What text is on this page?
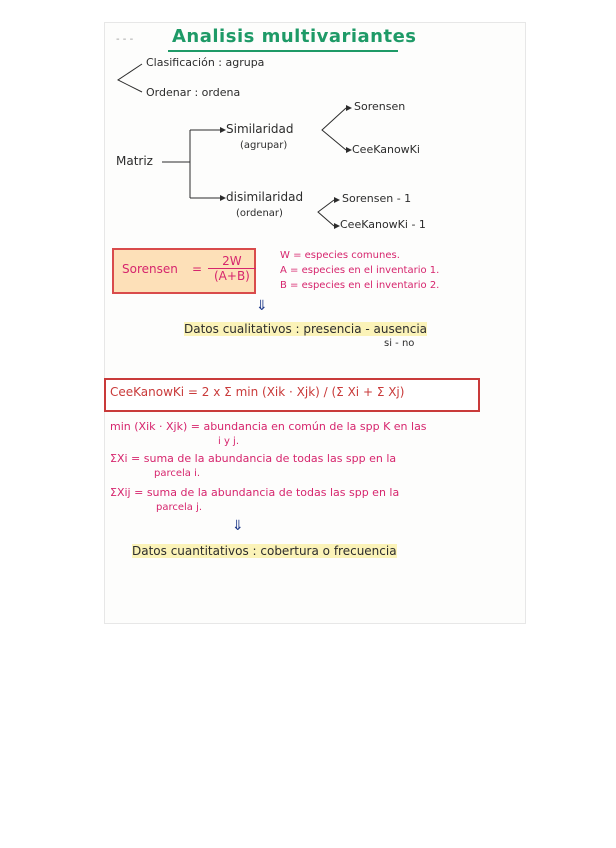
- - - Analisis multivariantes
Clasificación : agrupa
Ordenar : ordena
Matriz
Similaridad
(agrupar)
Sorensen
CeeKanowKi
disimilaridad
(ordenar)
Sorensen - 1
CeeKanowKi - 1
Sorensen = $\frac{2W}{(A+B)}$ W = especies comunes.
A = especies en el inventario 1.
B = especies en el inventario 2.
⇓
Datos cualitativos : presencia - ausencia
si - no
CeeKanowKi = 2 x Σ min (Xik · Xjk) / (Σ Xi + Σ Xj)
min (Xik · Xjk) = abundancia en común de la spp K en las
i y j.
ΣXi = suma de la abundancia de todas las spp en la
parcela i.
ΣXij = suma de la abundancia de todas las spp en la
parcela j.
⇓
Datos cuantitativos : cobertura o frecuencia
